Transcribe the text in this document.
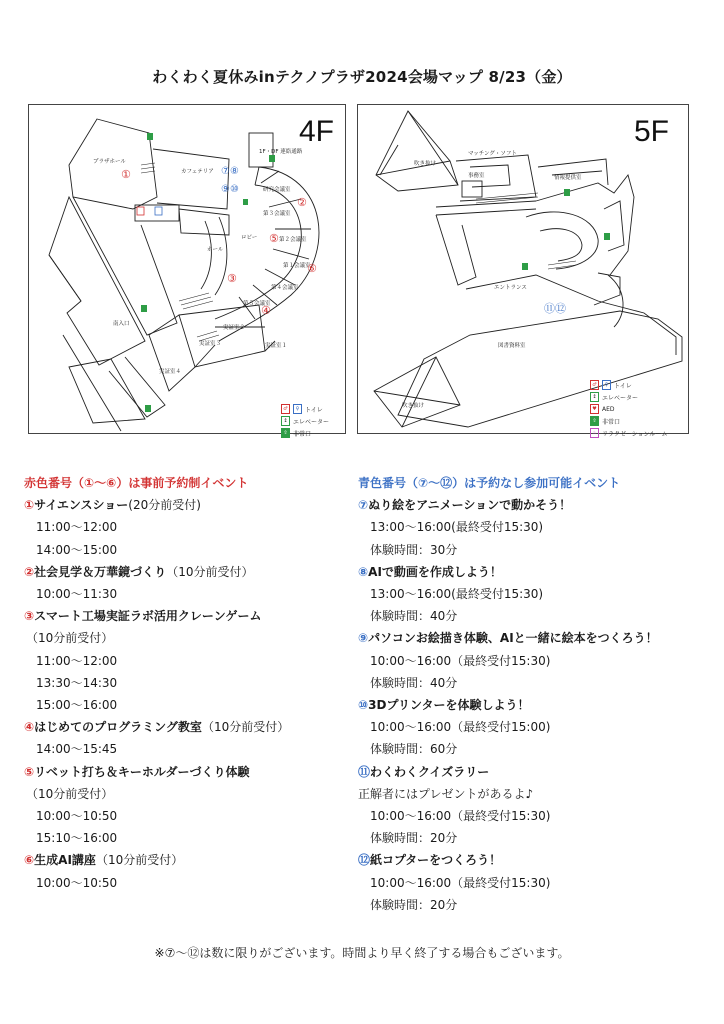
わくわく夏休みinテクノプラザ2024会場マップ 8/23（金）
4F
プラザホール
カフェテリア
1F・DF 連絡通路
研究会議室
第３会議室
第２会議室
第１会議室
第４会議室
第５会議室
ロビー
ホール
実証室１
実証室２
実証室３
実証室４
南入口
①
②
③
④
⑤
⑥
⑦⑧
⑨⑩
♂	♀ トイレ
↕ エレベーター
⇧ 非常口
5F
吹き抜け
吹き抜け
エントランス
事務室
図書資料室
マッチング・ソフト
情報提供室
⑪⑫
♂	♀ トイレ
↕ エレベーター
♥ AED
⇧ 非常口
♨ リラクゼーションルーム
赤色番号（①～⑥）は事前予約制イベント
①サイエンスショー(20分前受付)
11:00～12:00
14:00～15:00
②社会見学＆万華鏡づくり（10分前受付）
10:00～11:30
③スマート工場実証ラボ活用クレーンゲーム
（10分前受付）
11:00～12:00
13:30～14:30
15:00～16:00
④はじめてのプログラミング教室（10分前受付）
14:00～15:45
⑤リベット打ち＆キーホルダーづくり体験
（10分前受付）
10:00～10:50
15:10～16:00
⑥生成AI講座（10分前受付）
10:00～10:50
青色番号（⑦～⑫）は予約なし参加可能イベント
⑦ぬり絵をアニメーションで動かそう！
13:00～16:00(最終受付15:30)
体験時間：30分
⑧AIで動画を作成しよう！
13:00～16:00(最終受付15:30)
体験時間：40分
⑨パソコンお絵描き体験、AIと一緒に絵本をつくろう！
10:00～16:00（最終受付15:30)
体験時間：40分
⑩3Dプリンターを体験しよう！
10:00～16:00（最終受付15:00)
体験時間：60分
⑪わくわくクイズラリー
正解者にはプレゼントがあるよ♪
10:00～16:00（最終受付15:30)
体験時間：20分
⑫紙コプターをつくろう！
10:00～16:00（最終受付15:30)
体験時間：20分
※⑦～⑫は数に限りがございます。時間より早く終了する場合もございます。
